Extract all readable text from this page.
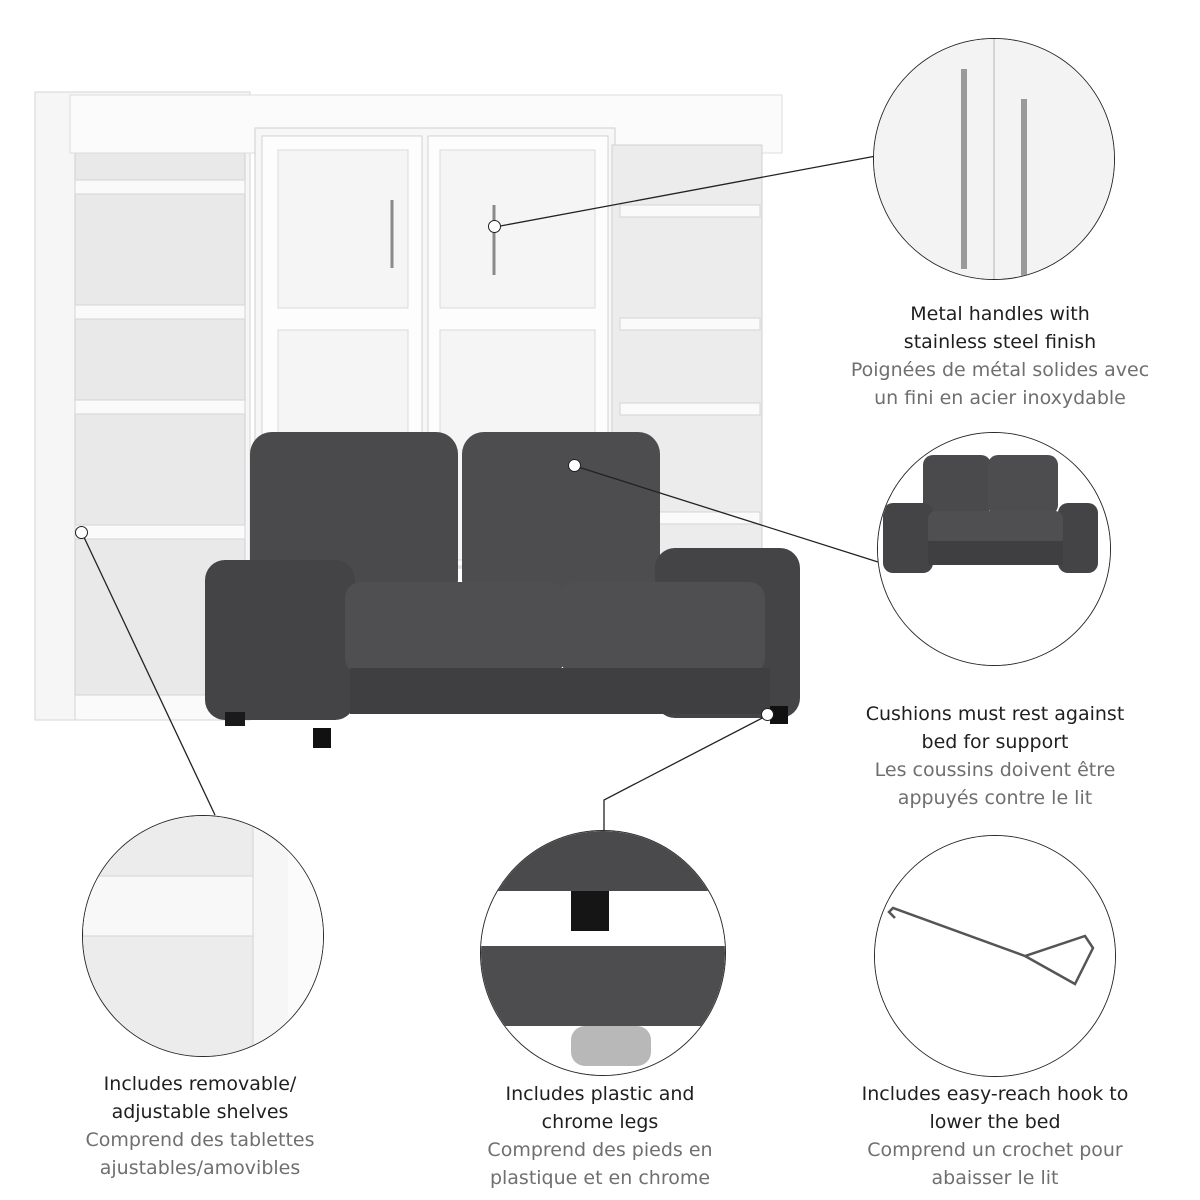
Metal handles with
stainless steel finish
Poignées de métal solides avec
un fini en acier inoxydable
Cushions must rest against
bed for support
Les coussins doivent être
appuyés contre le lit
Includes removable/
adjustable shelves
Comprend des tablettes
ajustables/amovibles
Includes plastic and
chrome legs
Comprend des pieds en
plastique et en chrome
Includes easy-reach hook to
lower the bed
Comprend un crochet pour
abaisser le lit
